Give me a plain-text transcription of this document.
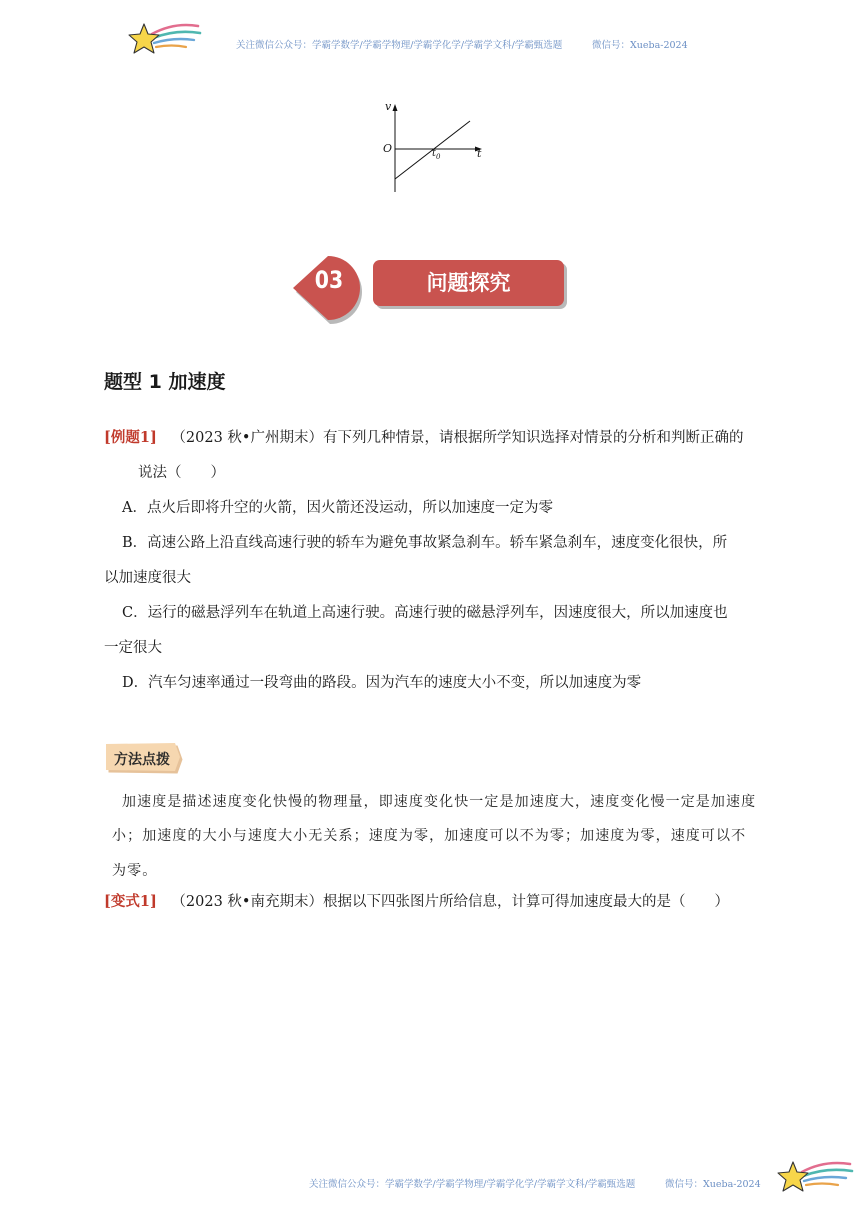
关注微信公众号：学霸学数学/学霸学物理/学霸学化学/学霸学文科/学霸甄选题	微信号：Xueba-2024
v
O	t
$t_0$
03	问题探究
题型 1 加速度
[例题1] （2023 秋•广州期末）有下列几种情景，请根据所学知识选择对情景的分析和判断正确的
说法（　　）
A．点火后即将升空的火箭，因火箭还没运动，所以加速度一定为零
B．高速公路上沿直线高速行驶的轿车为避免事故紧急刹车。轿车紧急刹车，速度变化很快，所
以加速度很大
C．运行的磁悬浮列车在轨道上高速行驶。高速行驶的磁悬浮列车，因速度很大，所以加速度也
一定很大
D．汽车匀速率通过一段弯曲的路段。因为汽车的速度大小不变，所以加速度为零
方法点拨
加速度是描述速度变化快慢的物理量，即速度变化快一定是加速度大，速度变化慢一定是加速度
小；加速度的大小与速度大小无关系；速度为零，加速度可以不为零；加速度为零，速度可以不
为零。
[变式1] （2023 秋•南充期末）根据以下四张图片所给信息，计算可得加速度最大的是（　　）
关注微信公众号：学霸学数学/学霸学物理/学霸学化学/学霸学文科/学霸甄选题	微信号：Xueba-2024
